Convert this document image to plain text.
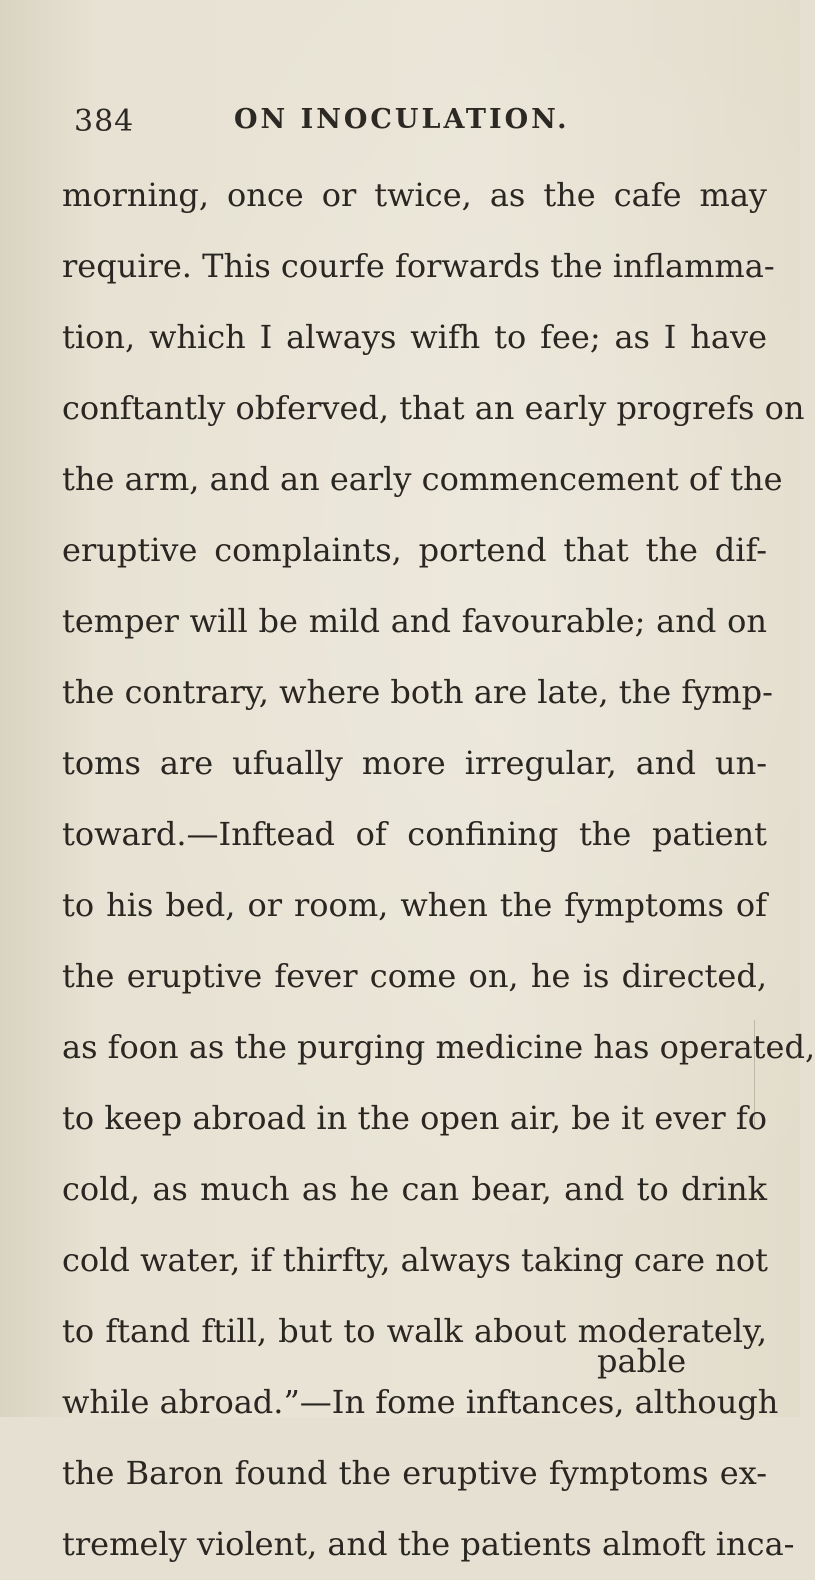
384	ON INOCULATION.
morning, once or twice, as the cafe may
require. This courfe forwards the inflamma-
tion, which I always wifh to fee; as I have
conftantly obferved, that an early progrefs on
the arm, and an early commencement of the
eruptive complaints, portend that the dif-
temper will be mild and favourable; and on
the contrary, where both are late, the fymp-
toms are ufually more irregular, and un-
toward.—Inftead of confining the patient
to his bed, or room, when the fymptoms of
the eruptive fever come on, he is directed,
as foon as the purging medicine has operated,
to keep abroad in the open air, be it ever fo
cold, as much as he can bear, and to drink
cold water, if thirfty, always taking care not
to ftand ftill, but to walk about moderately,
while abroad.”—In fome inftances, although
the Baron found the eruptive fymptoms ex-
tremely violent, and the patients almoft inca-
pable
